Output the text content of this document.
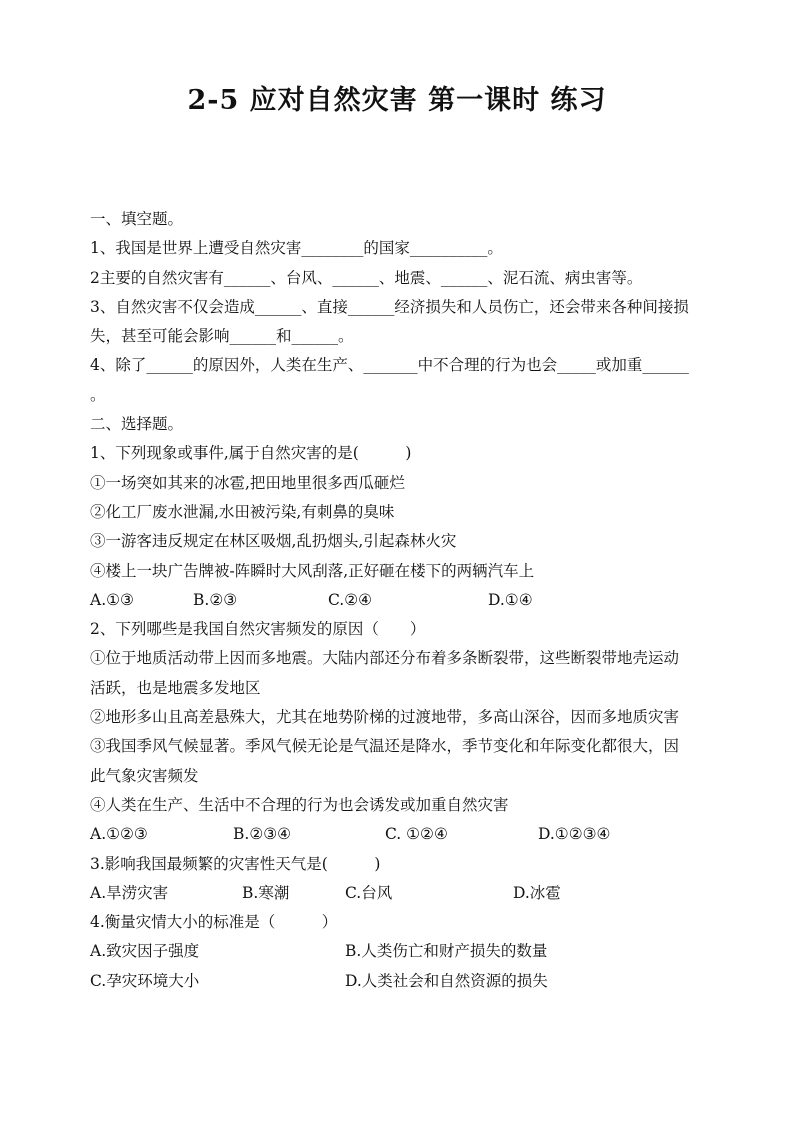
2-5 应对自然灾害 第一课时 练习
一、填空题。
1、我国是世界上遭受自然灾害________的国家__________。
2主要的自然灾害有______、台风、______、地震、______、泥石流、病虫害等。
3、自然灾害不仅会造成______、直接______经济损失和人员伤亡，还会带来各种间接损
失，甚至可能会影响______和______。
4、除了______的原因外，人类在生产、_______中不合理的行为也会_____或加重______
。
二、选择题。
1、下列现象或事件,属于自然灾害的是(　　　)
①一场突如其来的冰雹,把田地里很多西瓜砸烂
②化工厂废水泄漏,水田被污染,有刺鼻的臭味
③一游客违反规定在林区吸烟,乱扔烟头,引起森林火灾
④楼上一块广告牌被-阵瞬时大风刮落,正好砸在楼下的两辆汽车上
A.①③	B.②③	C.②④	D.①④
2、下列哪些是我国自然灾害频发的原因（　　）
①位于地质活动带上因而多地震。大陆内部还分布着多条断裂带，这些断裂带地壳运动
活跃，也是地震多发地区
②地形多山且高差悬殊大，尤其在地势阶梯的过渡地带，多高山深谷，因而多地质灾害
③我国季风气候显著。季风气候无论是气温还是降水，季节变化和年际变化都很大，因
此气象灾害频发
④人类在生产、生活中不合理的行为也会诱发或加重自然灾害
A.①②③	B.②③④	C. ①②④	D.①②③④
3.影响我国最频繁的灾害性天气是(　　　)
A.旱涝灾害	B.寒潮	C.台风	D.冰雹
4.衡量灾情大小的标准是（　　　）
A.致灾因子强度	B.人类伤亡和财产损失的数量
C.孕灾环境大小	D.人类社会和自然资源的损失
